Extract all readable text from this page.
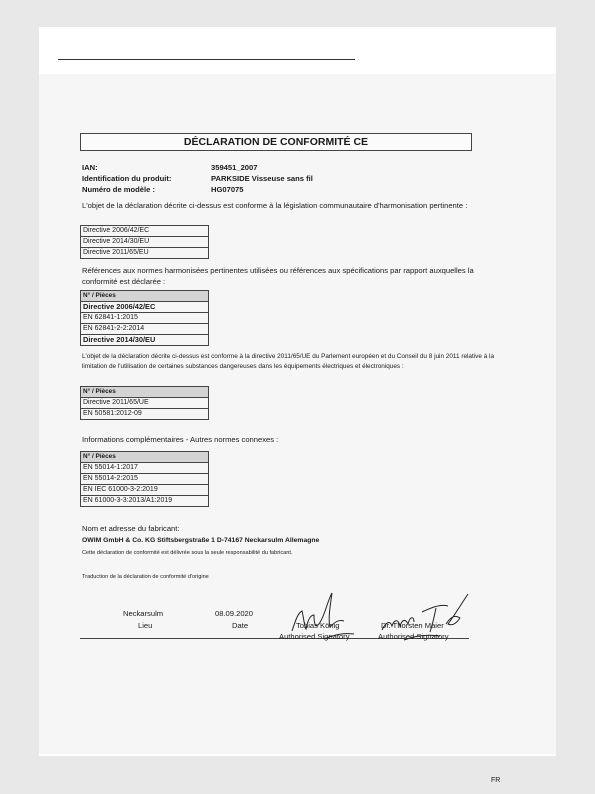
DÉCLARATION DE CONFORMITÉ CE
IAN:	359451_2007
Identification du produit:	PARKSIDE Visseuse sans fil
Numéro de modèle :	HG07075
L'objet de la déclaration décrite ci-dessus est conforme à la législation communautaire d'harmonisation pertinente :
Directive 2006/42/EC
Directive 2014/30/EU
Directive 2011/65/EU
Références aux normes harmonisées pertinentes utilisées ou références aux spécifications par rapport auxquelles la conformité est déclarée :
N° / Pièces
Directive 2006/42/EC
EN 62841-1:2015
EN 62841-2-2:2014
Directive 2014/30/EU
L'objet de la déclaration décrite ci-dessus est conforme à la directive 2011/65/UE du Parlement européen et du Conseil du 8 juin 2011 relative à la limitation de l'utilisation de certaines substances dangereuses dans les équipements électriques et électroniques :
N° / Pièces
Directive 2011/65/UE
EN 50581:2012-09
Informations complémentaires - Autres normes connexes :
N° / Pièces
EN 55014-1:2017
EN 55014-2:2015
EN IEC 61000-3-2:2019
EN 61000-3-3:2013/A1:2019
Nom et adresse du fabricant:
OWIM GmbH & Co. KG Stiftsbergstraße 1 D-74167 Neckarsulm Allemagne
Cette déclaration de conformité est délivrée sous la seule responsabilité du fabricant.
Traduction de la déclaration de conformité d'origine
Neckarsulm	08.09.2020
Lieu	Date	Tobias König
Authorised Signatory
Dr. Thorsten Maier
Authorised Signatory
FR
